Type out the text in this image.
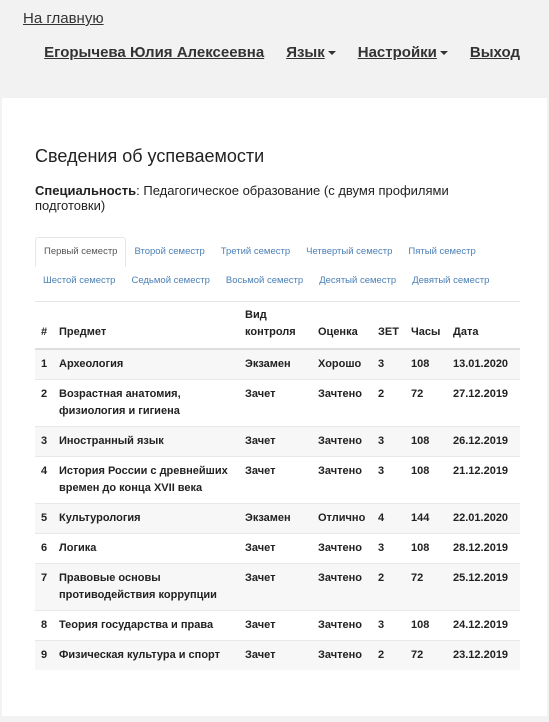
На главную
Егорычева Юлия Алексеевна Язык	Настройки	Выход
Сведения об успеваемости
Специальность: Педагогическое образование (с двумя профилями подготовки)
Первый семестр	Второй семестр	Третий семестр	Четвертый семестр	Пятый семестр
Шестой семестр	Седьмой семестр	Восьмой семестр	Десятый семестр	Девятый семестр
#	Предмет	Вид контроля	Оценка	ЗЕТ	Часы	Дата
1	Археология	Экзамен	Хорошо	3	108	13.01.2020
2	Возрастная анатомия, физиология и гигиена	Зачет	Зачтено	2	72	27.12.2019
3	Иностранный язык	Зачет	Зачтено	3	108	26.12.2019
4	История России с древнейших времен до конца XVII века	Зачет	Зачтено	3	108	21.12.2019
5	Культурология	Экзамен	Отлично	4	144	22.01.2020
6	Логика	Зачет	Зачтено	3	108	28.12.2019
7	Правовые основы противодействия коррупции	Зачет	Зачтено	2	72	25.12.2019
8	Теория государства и права	Зачет	Зачтено	3	108	24.12.2019
9	Физическая культура и спорт	Зачет	Зачтено	2	72	23.12.2019
